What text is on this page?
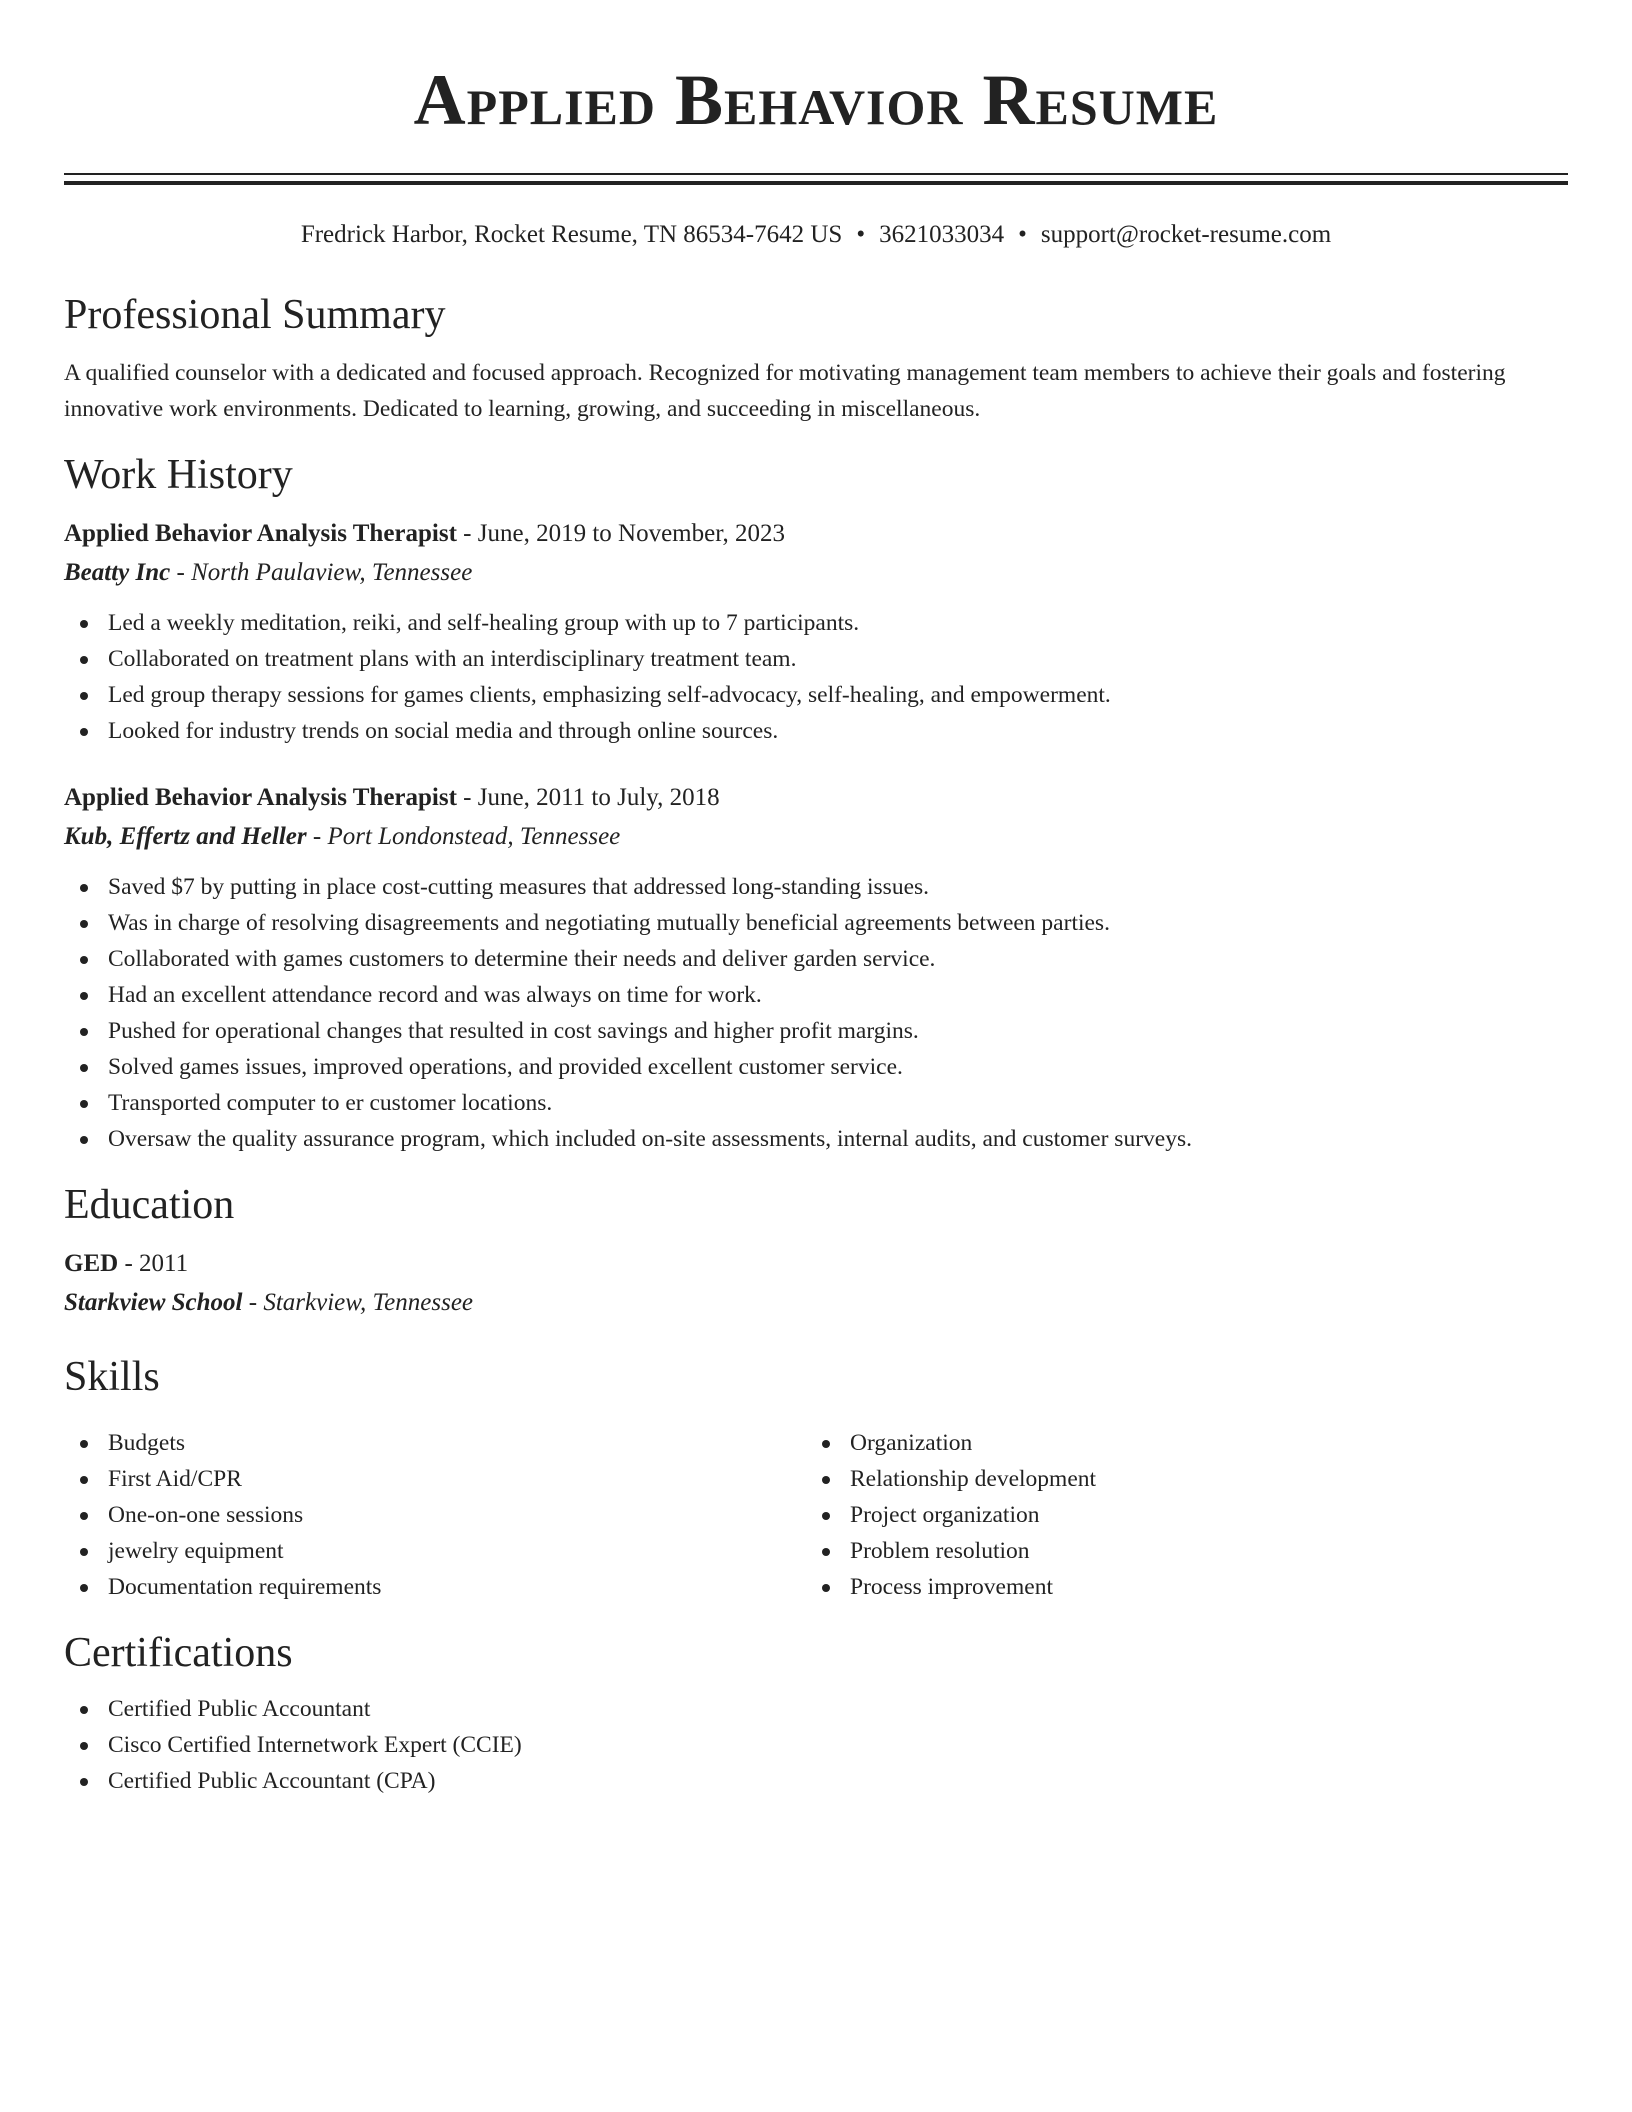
Applied Behavior Resume
Fredrick Harbor, Rocket Resume, TN 86534-7642 US • 3621033034 • support@rocket-resume.com
Professional Summary

A qualified counselor with a dedicated and focused approach. Recognized for motivating management team members to achieve their goals and fostering innovative work environments. Dedicated to learning, growing, and succeeding in miscellaneous.

Work History
Applied Behavior Analysis Therapist - June, 2019 to November, 2023
Beatty Inc - North Paulaview, Tennessee
Led a weekly meditation, reiki, and self-healing group with up to 7 participants.
Collaborated on treatment plans with an interdisciplinary treatment team.
Led group therapy sessions for games clients, emphasizing self-advocacy, self-healing, and empowerment.
Looked for industry trends on social media and through online sources.
Applied Behavior Analysis Therapist - June, 2011 to July, 2018
Kub, Effertz and Heller - Port Londonstead, Tennessee
Saved $7 by putting in place cost-cutting measures that addressed long-standing issues.
Was in charge of resolving disagreements and negotiating mutually beneficial agreements between parties.
Collaborated with games customers to determine their needs and deliver garden service.
Had an excellent attendance record and was always on time for work.
Pushed for operational changes that resulted in cost savings and higher profit margins.
Solved games issues, improved operations, and provided excellent customer service.
Transported computer to er customer locations.
Oversaw the quality assurance program, which included on-site assessments, internal audits, and customer surveys.
Education
GED - 2011
Starkview School - Starkview, Tennessee
Skills
Budgets
First Aid/CPR
One-on-one sessions
jewelry equipment
Documentation requirements
Organization
Relationship development
Project organization
Problem resolution
Process improvement
Certifications
Certified Public Accountant
Cisco Certified Internetwork Expert (CCIE)
Certified Public Accountant (CPA)
